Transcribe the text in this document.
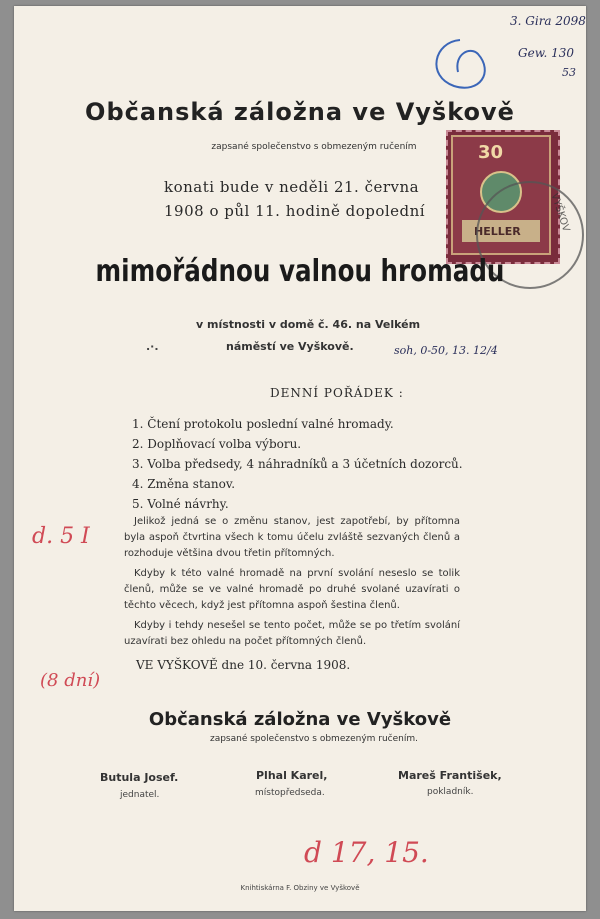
Občanská záložna ve Vyškově
zapsané společenstvo s obmezeným ručením
konati bude v neděli 21. června
1908 o půl 11. hodině dopolední
30
HELLER	VYŠKOV
mimořádnou valnou hromadu
v místnosti v domě č. 46. na Velkém
.·.	náměstí ve Vyškově.
DENNÍ POŘÁDEK :
1. Čtení protokolu poslední valné hromady.
2. Doplňovací volba výboru.
3. Volba předsedy, 4 náhradníků a 3 účetních dozorců.
4. Změna stanov.
5. Volné návrhy.
Jelikož jedná se o změnu stanov, jest zapotřebí, by přítomna byla aspoň čtvrtina všech k tomu účelu zvláště sezvaných členů a rozhoduje většina dvou třetin přítomných.
Kdyby k této valné hromadě na první svolání neseslo se tolik členů, může se ve valné hromadě po druhé svolané uzavírati o těchto věcech, když jest přítomna aspoň šestina členů.
Kdyby i tehdy nesešel se tento počet, může se po třetím svolání uzavírati bez ohledu na počet přítomných členů.
VE VYŠKOVĚ dne 10. června 1908.
Občanská záložna ve Vyškově
zapsané společenstvo s obmezeným ručením.
Butula Josef.
jednatel.
Plhal Karel,
místopředseda.
Mareš František,
pokladník.
Knihtiskárna F. Obziny ve Vyškově
3. Gira 2098
Gew. 130
53
soh, 0-50, 13. 12/4
d. 5 I
(8 dní)
d 17, 15.
